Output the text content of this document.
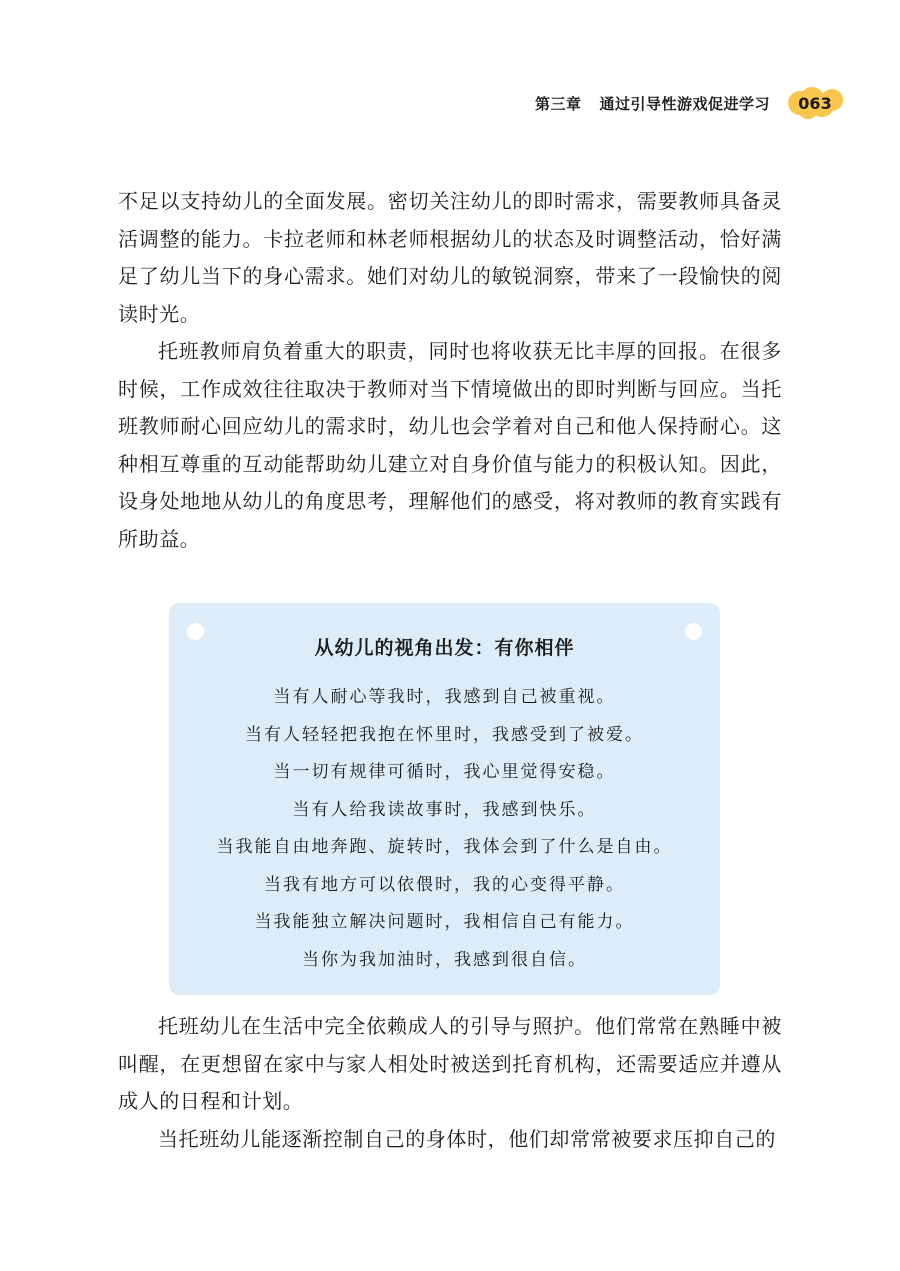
第三章 通过引导性游戏促进学习 063

不足以支持幼儿的全面发展。密切关注幼儿的即时需求，需要教师具备灵活调整的能力。卡拉老师和林老师根据幼儿的状态及时调整活动，恰好满足了幼儿当下的身心需求。她们对幼儿的敏锐洞察，带来了一段愉快的阅读时光。

托班教师肩负着重大的职责，同时也将收获无比丰厚的回报。在很多时候，工作成效往往取决于教师对当下情境做出的即时判断与回应。当托班教师耐心回应幼儿的需求时，幼儿也会学着对自己和他人保持耐心。这种相互尊重的互动能帮助幼儿建立对自身价值与能力的积极认知。因此，设身处地地从幼儿的角度思考，理解他们的感受，将对教师的教育实践有所助益。

从幼儿的视角出发：有你相伴
当有人耐心等我时，我感到自己被重视。
当有人轻轻把我抱在怀里时，我感受到了被爱。
当一切有规律可循时，我心里觉得安稳。
当有人给我读故事时，我感到快乐。
当我能自由地奔跑、旋转时，我体会到了什么是自由。
当我有地方可以依偎时，我的心变得平静。
当我能独立解决问题时，我相信自己有能力。
当你为我加油时，我感到很自信。

托班幼儿在生活中完全依赖成人的引导与照护。他们常常在熟睡中被叫醒，在更想留在家中与家人相处时被送到托育机构，还需要适应并遵从成人的日程和计划。

当托班幼儿能逐渐控制自己的身体时，他们却常常被要求压抑自己的
